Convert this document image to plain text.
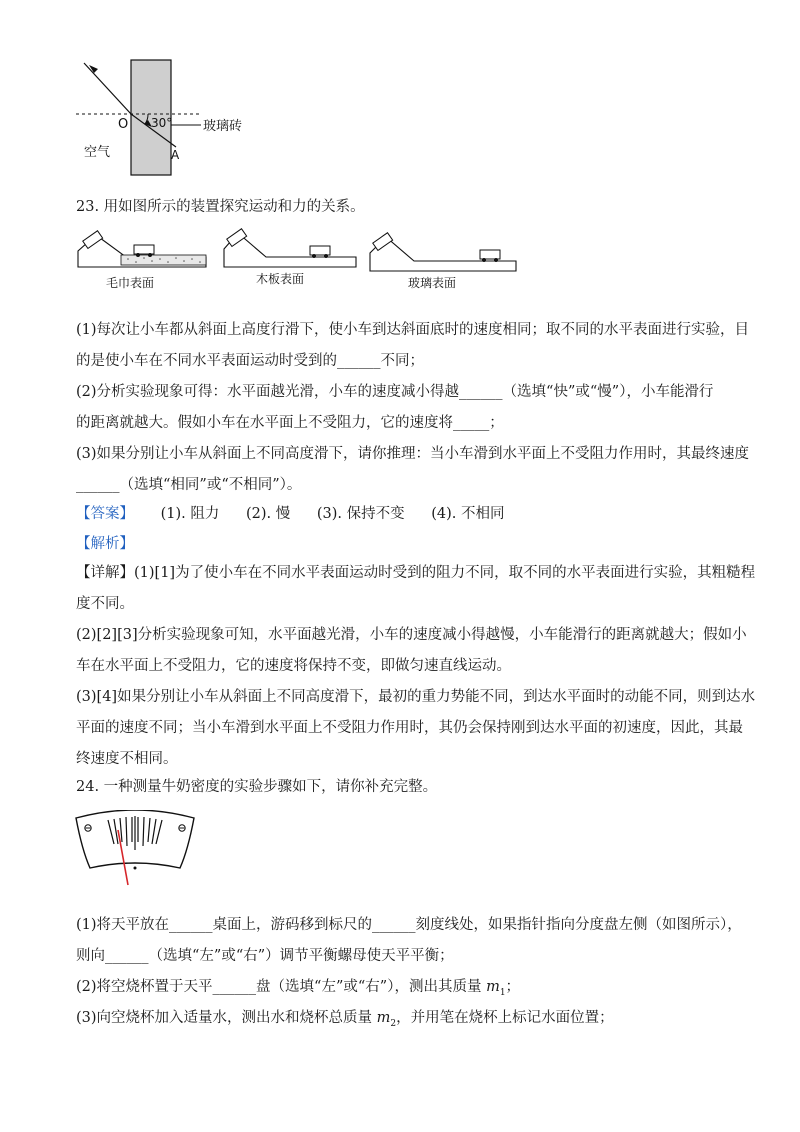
O 30° 玻璃砖
空气	A
23. 用如图所示的装置探究运动和力的关系。
毛巾表面	木板表面	玻璃表面
(1)每次让小车都从斜面上高度行滑下，使小车到达斜面底时的速度相同；取不同的水平表面进行实验，目
的是使小车在不同水平表面运动时受到的______不同；
(2)分析实验现象可得：水平面越光滑，小车的速度减小得越______（选填“快”或“慢”），小车能滑行
的距离就越大。假如小车在水平面上不受阻力，它的速度将_____；
(3)如果分别让小车从斜面上不同高度滑下，请你推理：当小车滑到水平面上不受阻力作用时，其最终速度
______（选填“相同”或“不相同”）。
【答案】 (1). 阻力 (2). 慢 (3). 保持不变 (4). 不相同
【解析】
【详解】(1)[1]为了使小车在不同水平表面运动时受到的阻力不同，取不同的水平表面进行实验，其粗糙程
度不同。
(2)[2][3]分析实验现象可知，水平面越光滑，小车的速度减小得越慢，小车能滑行的距离就越大；假如小
车在水平面上不受阻力，它的速度将保持不变，即做匀速直线运动。
(3)[4]如果分别让小车从斜面上不同高度滑下，最初的重力势能不同，到达水平面时的动能不同，则到达水
平面的速度不同；当小车滑到水平面上不受阻力作用时，其仍会保持刚到达水平面的初速度，因此，其最
终速度不相同。
24. 一种测量牛奶密度的实验步骤如下，请你补充完整。
(1)将天平放在______桌面上，游码移到标尺的______刻度线处，如果指针指向分度盘左侧（如图所示），
则向______（选填“左”或“右”）调节平衡螺母使天平平衡；
(2)将空烧杯置于天平______盘（选填“左”或“右”），测出其质量 $m_1$；
(3)向空烧杯加入适量水，测出水和烧杯总质量 $m_2$，并用笔在烧杯上标记水面位置；
